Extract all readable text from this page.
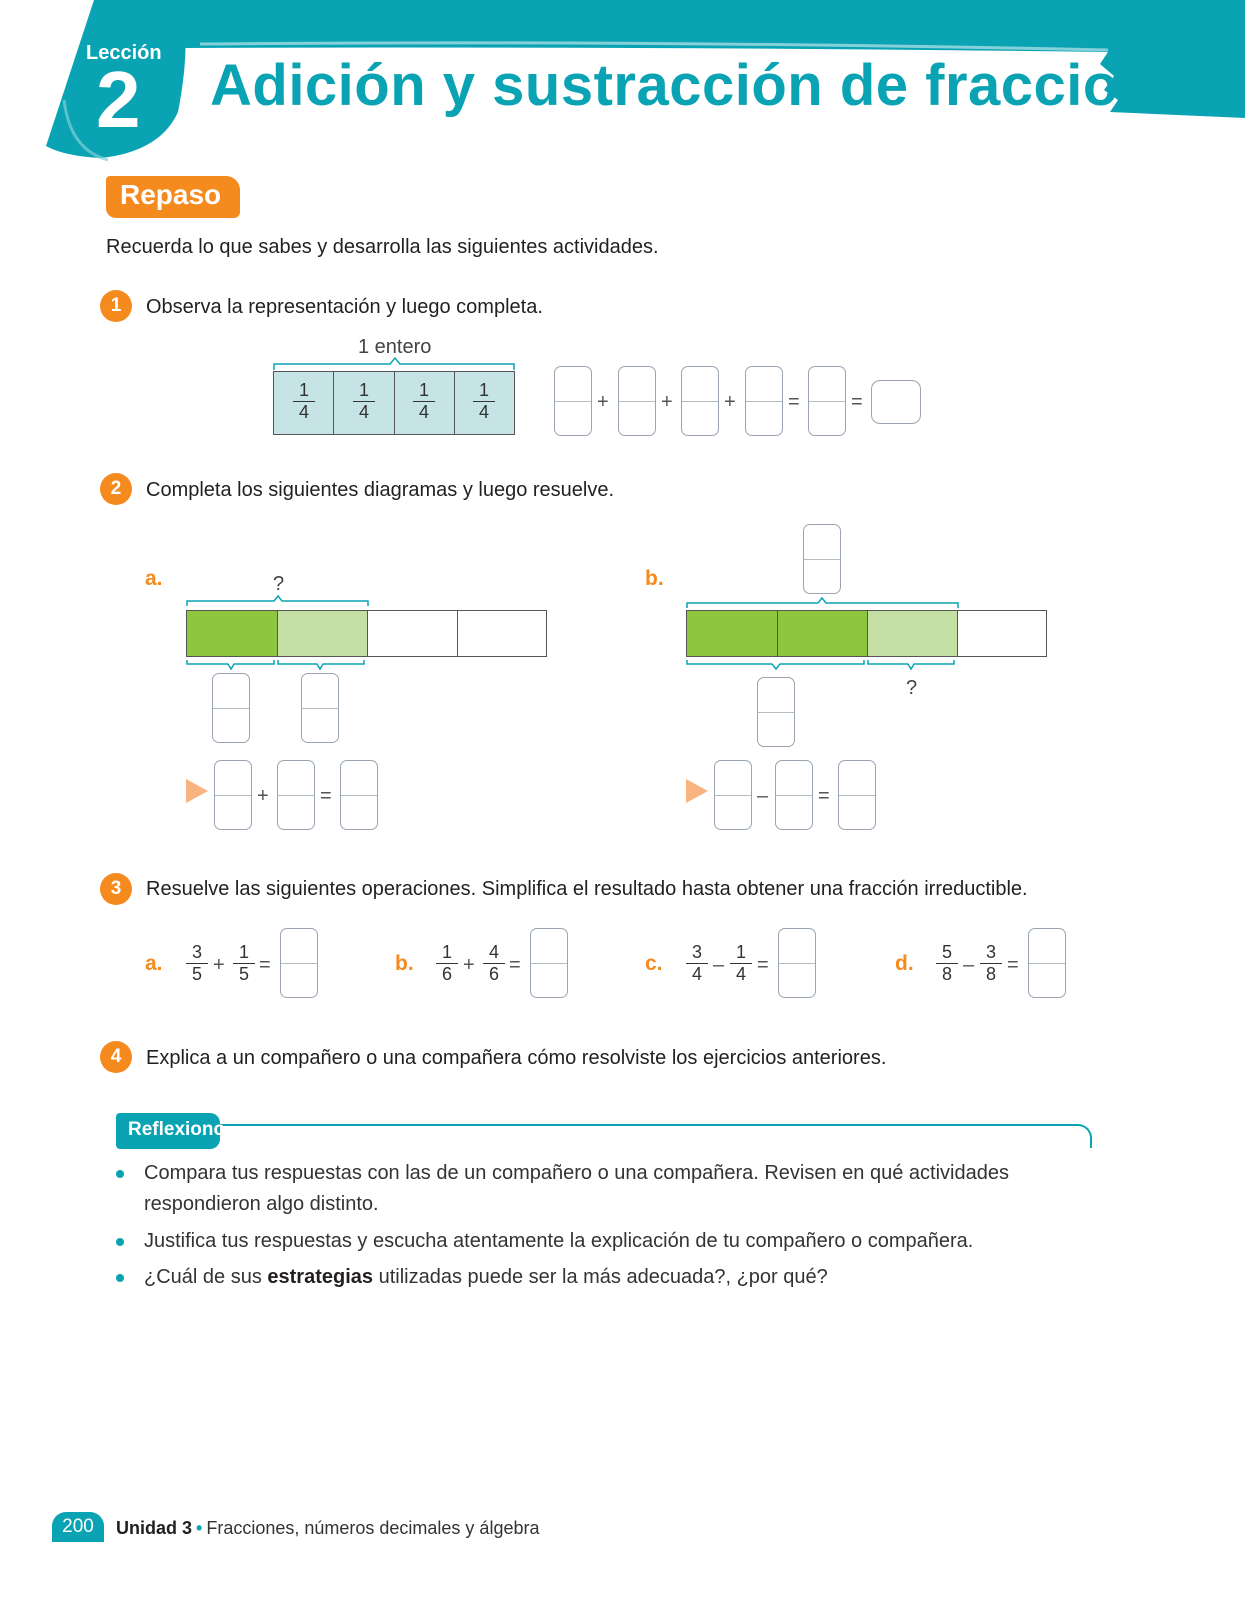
Lección
2 Adición y sustracción de fracciones
Repaso

Recuerda lo que sabes y desarrolla las siguientes actividades.

1	Observa la representación y luego completa.
1 entero
$\frac{1}{4} \frac{1}{4} \frac{1}{4} \frac{1}{4}$	+	+	+	=	=
2	Completa los siguientes diagramas y luego resuelve.
a.	?
+	=
b.
?
– =
3	Resuelve las siguientes operaciones. Simplifica el resultado hasta obtener una fracción irreductible.
a. $\frac{3}{5} + \frac{1}{5}$ =	b. $\frac{1}{6} + \frac{4}{6}$ =	c. $\frac{3}{4} - \frac{1}{4}$ =	d. $\frac{5}{8} - \frac{3}{8}$ =
4	Explica a un compañero o una compañera cómo resolviste los ejercicios anteriores.
Reflexiono

Compara tus respuestas con las de un compañero o una compañera. Revisen en qué actividades respondieron algo distinto.

Justifica tus respuestas y escucha atentamente la explicación de tu compañero o compañera.

¿Cuál de sus estrategias utilizadas puede ser la más adecuada?, ¿por qué?

200	Unidad 3 • Fracciones, números decimales y álgebra
